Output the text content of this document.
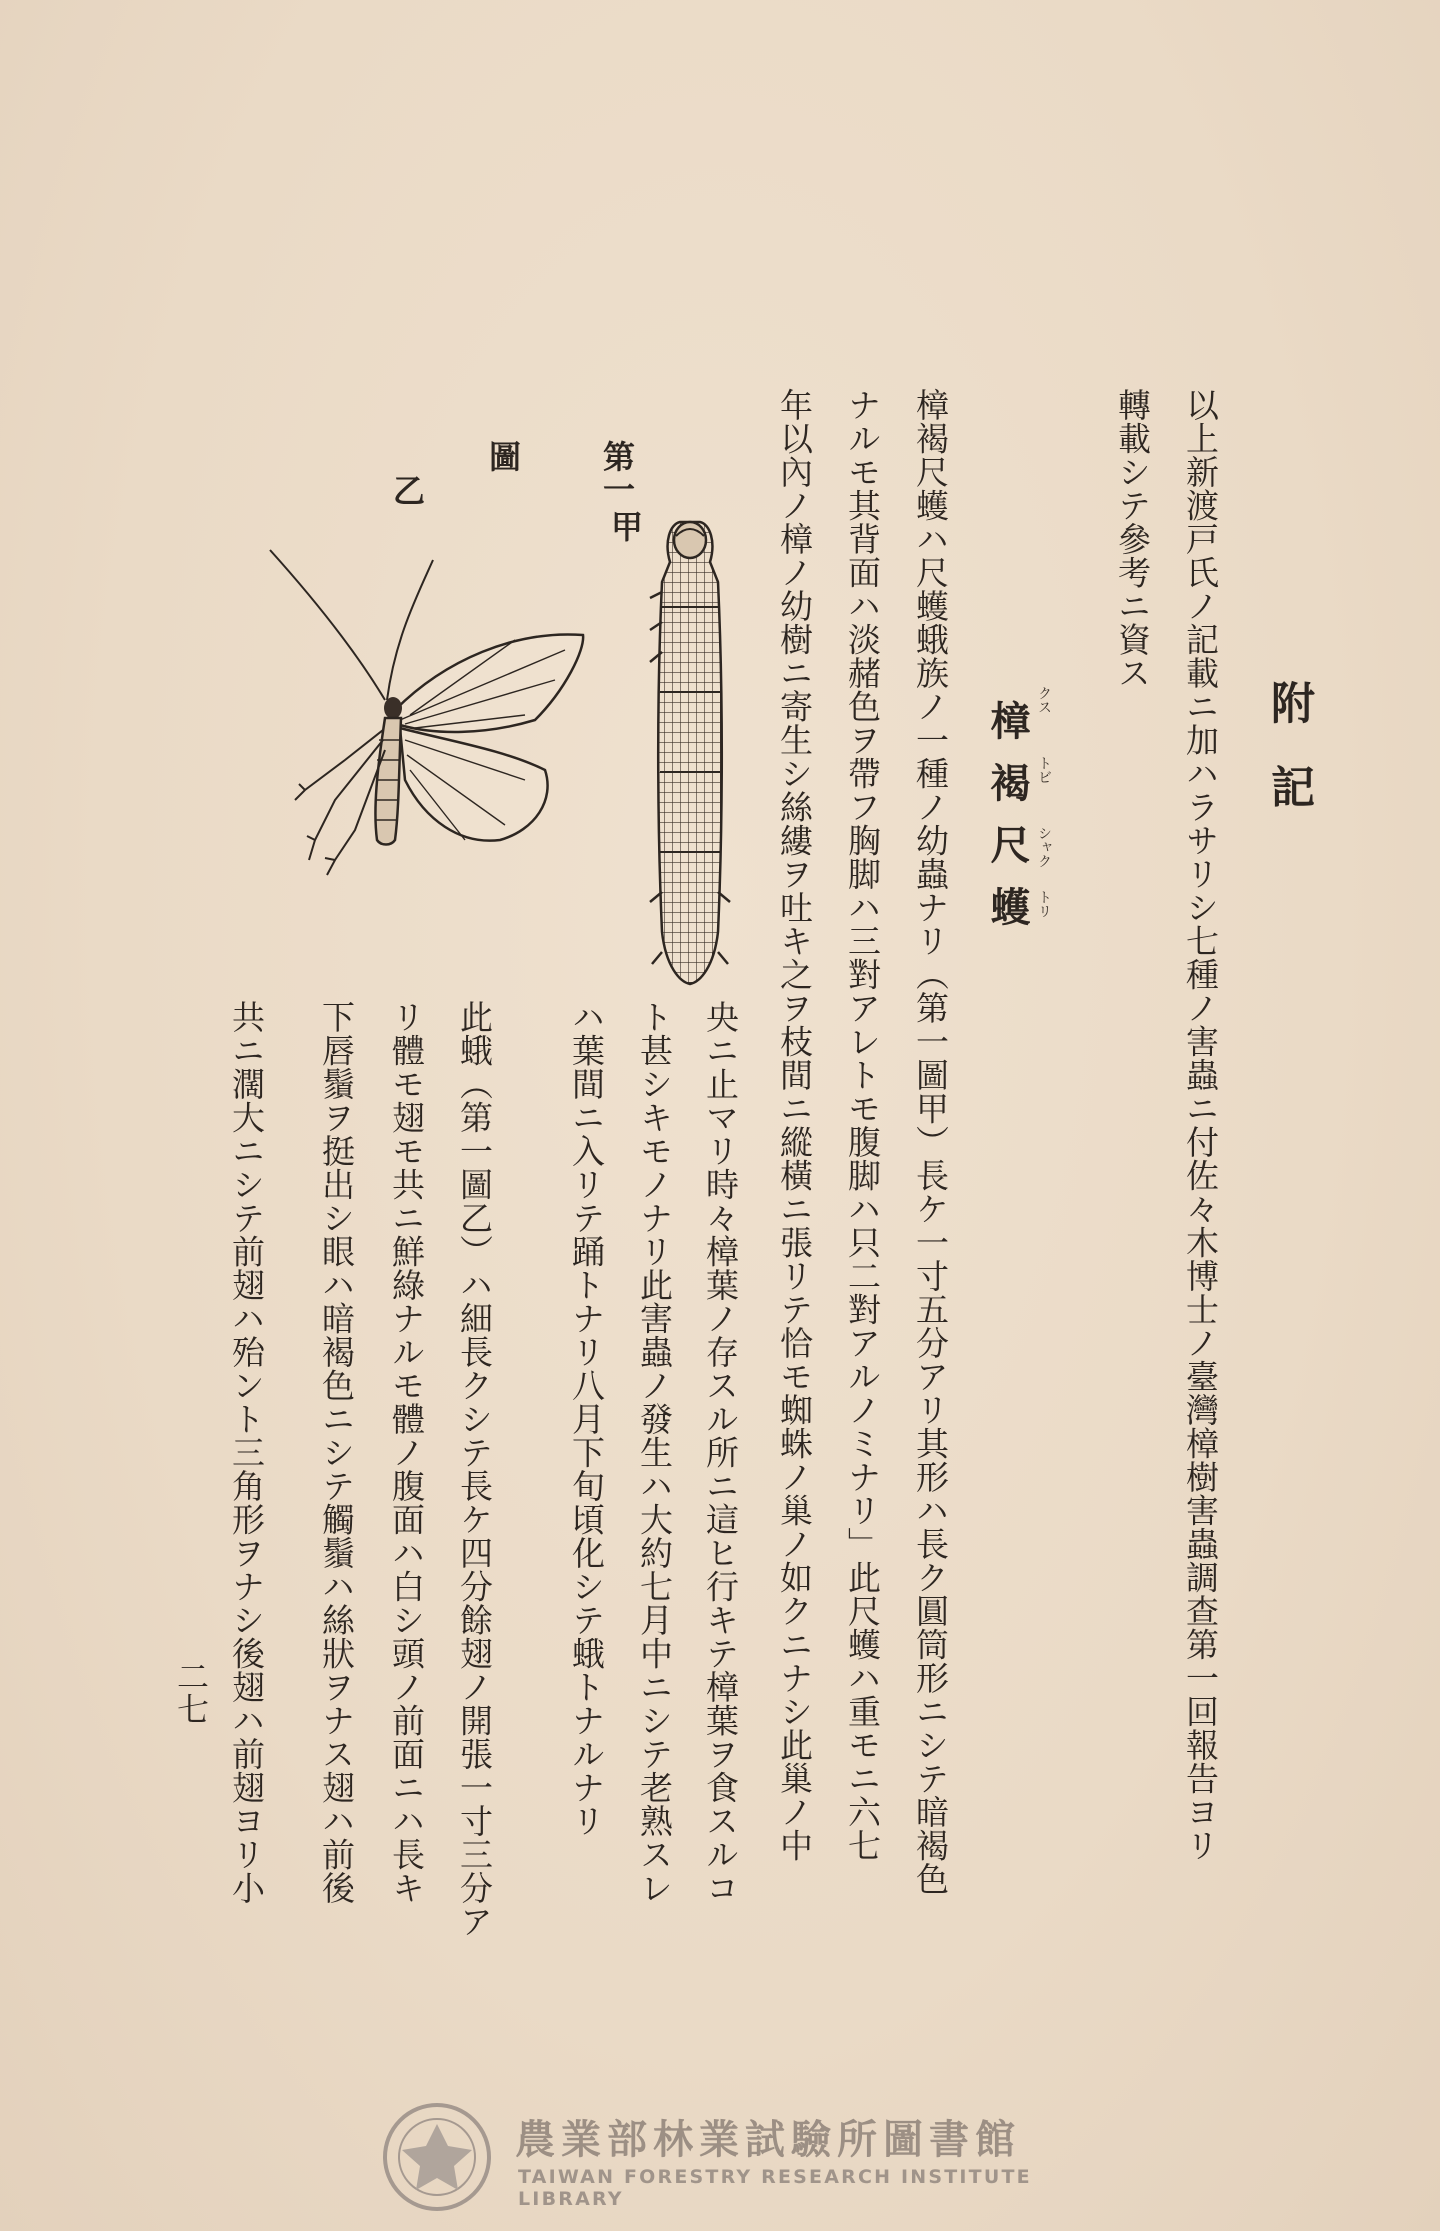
附記
以上新渡戸氏ノ記載ニ加ハラサリシ七種ノ害蟲ニ付佐々木博士ノ臺灣樟樹害蟲調查第一回報告ヨリ
轉載シテ參考ニ資ス
樟褐尺蠖 クス
トビ
シャク
トリ
樟褐尺蠖ハ尺蠖蛾族ノ一種ノ幼蟲ナリ（第一圖甲）長ケ一寸五分アリ其形ハ長ク圓筒形ニシテ暗褐色
ナルモ其背面ハ淡赭色ヲ帶フ胸脚ハ三對アレトモ腹脚ハ只二對アルノミナリ」此尺蠖ハ重モニ六七
年以內ノ樟ノ幼樹ニ寄生シ絲縷ヲ吐キ之ヲ枝間ニ縱橫ニ張リテ恰モ蜘蛛ノ巢ノ如クニナシ此巢ノ中
央ニ止マリ時々樟葉ノ存スル所ニ這ヒ行キテ樟葉ヲ食スルコ
ト甚シキモノナリ此害蟲ノ發生ハ大約七月中ニシテ老熟スレ
ハ葉間ニ入リテ踊トナリ八月下旬頃化シテ蛾トナルナリ
此蛾（第一圖乙）ハ細長クシテ長ケ四分餘翅ノ開張一寸三分ア
リ體モ翅モ共ニ鮮綠ナルモ體ノ腹面ハ白シ頭ノ前面ニハ長キ
下唇鬚ヲ挺出シ眼ハ暗褐色ニシテ觸鬚ハ絲狀ヲナス翅ハ前後
共ニ濶大ニシテ前翅ハ殆ント三角形ヲナシ後翅ハ前翅ヨリ小
第一
甲
圖
乙
二七
農業部林業試驗所圖書館
TAIWAN FORESTRY RESEARCH INSTITUTE LIBRARY
